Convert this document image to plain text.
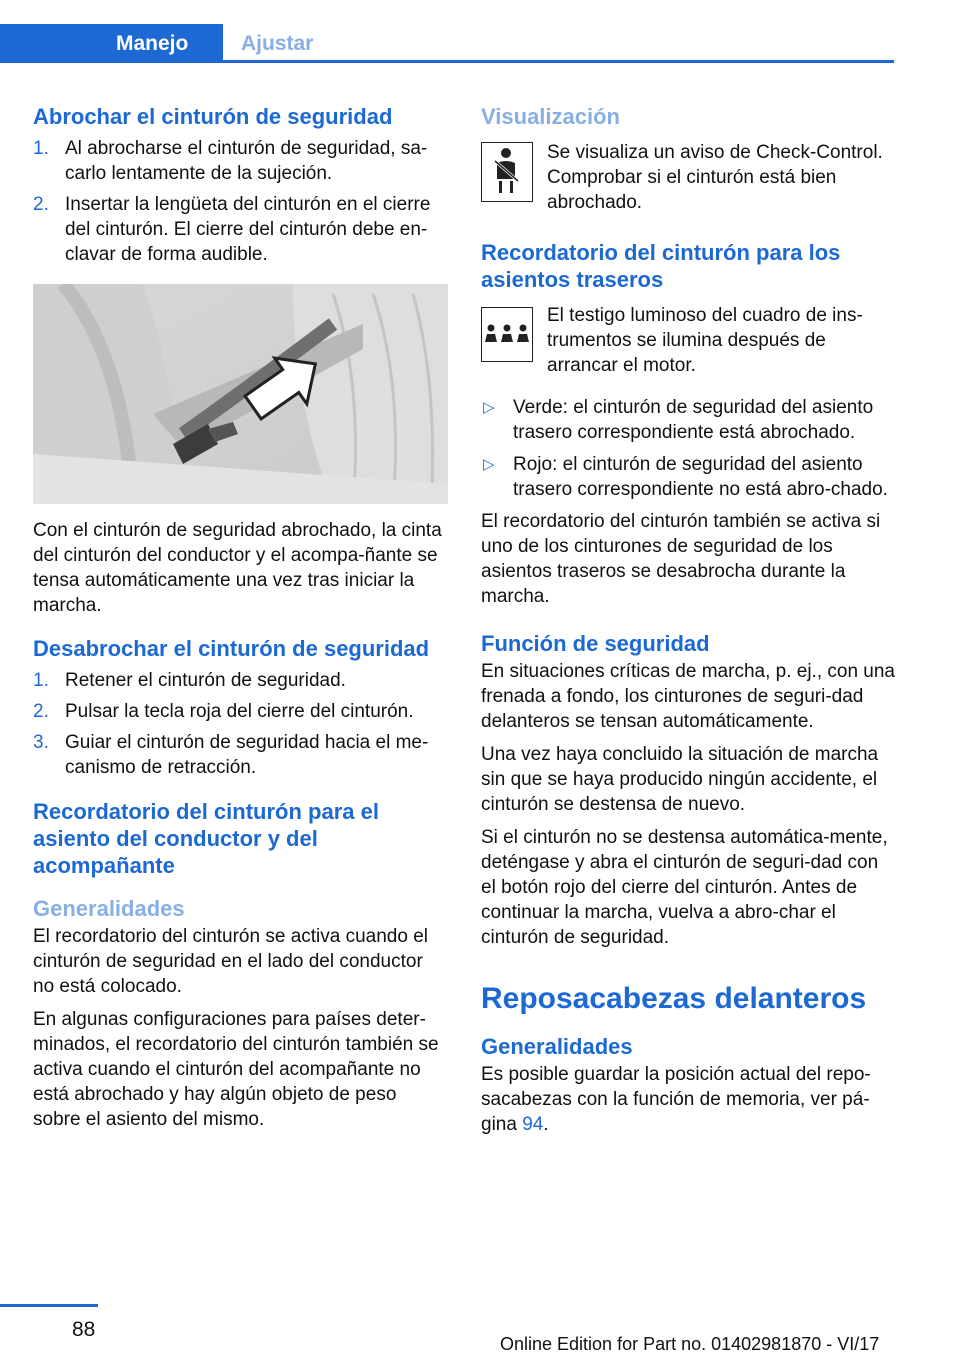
Manejo	Ajustar
Abrochar el cinturón de seguridad
1. Al abrocharse el cinturón de seguridad, sa‐carlo lentamente de la sujeción.
2. Insertar la lengüeta del cinturón en el cierre del cinturón. El cierre del cinturón debe en‐clavar de forma audible.

Con el cinturón de seguridad abrochado, la cinta del cinturón del conductor y el acompa‐ñante se tensa automáticamente una vez tras iniciar la marcha.

Desabrochar el cinturón de seguridad
1. Retener el cinturón de seguridad.
2. Pulsar la tecla roja del cierre del cinturón.
3. Guiar el cinturón de seguridad hacia el me‐canismo de retracción.
Recordatorio del cinturón para el asiento del conductor y del acompañante
Generalidades

El recordatorio del cinturón se activa cuando el cinturón de seguridad en el lado del conductor no está colocado.

En algunas configuraciones para países deter‐minados, el recordatorio del cinturón también se activa cuando el cinturón del acompañante no está abrochado y hay algún objeto de peso sobre el asiento del mismo.

Visualización

Se visualiza un aviso de Check-Control. Comprobar si el cinturón está bien abrochado.

Recordatorio del cinturón para los asientos traseros

El testigo luminoso del cuadro de ins‐trumentos se ilumina después de arrancar el motor.

▷ Verde: el cinturón de seguridad del asiento trasero correspondiente está abrochado.
▷ Rojo: el cinturón de seguridad del asiento trasero correspondiente no está abro‐chado.

El recordatorio del cinturón también se activa si uno de los cinturones de seguridad de los asientos traseros se desabrocha durante la marcha.

Función de seguridad

En situaciones críticas de marcha, p. ej., con una frenada a fondo, los cinturones de seguri‐dad delanteros se tensan automáticamente.

Una vez haya concluido la situación de marcha sin que se haya producido ningún accidente, el cinturón se destensa de nuevo.

Si el cinturón no se destensa automática‐mente, deténgase y abra el cinturón de seguri‐dad con el botón rojo del cierre del cinturón. Antes de continuar la marcha, vuelva a abro‐char el cinturón de seguridad.

Reposacabezas delanteros
Generalidades

Es posible guardar la posición actual del repo‐sacabezas con la función de memoria, ver pá‐gina 94.

88
Online Edition for Part no. 01402981870 - VI/17
